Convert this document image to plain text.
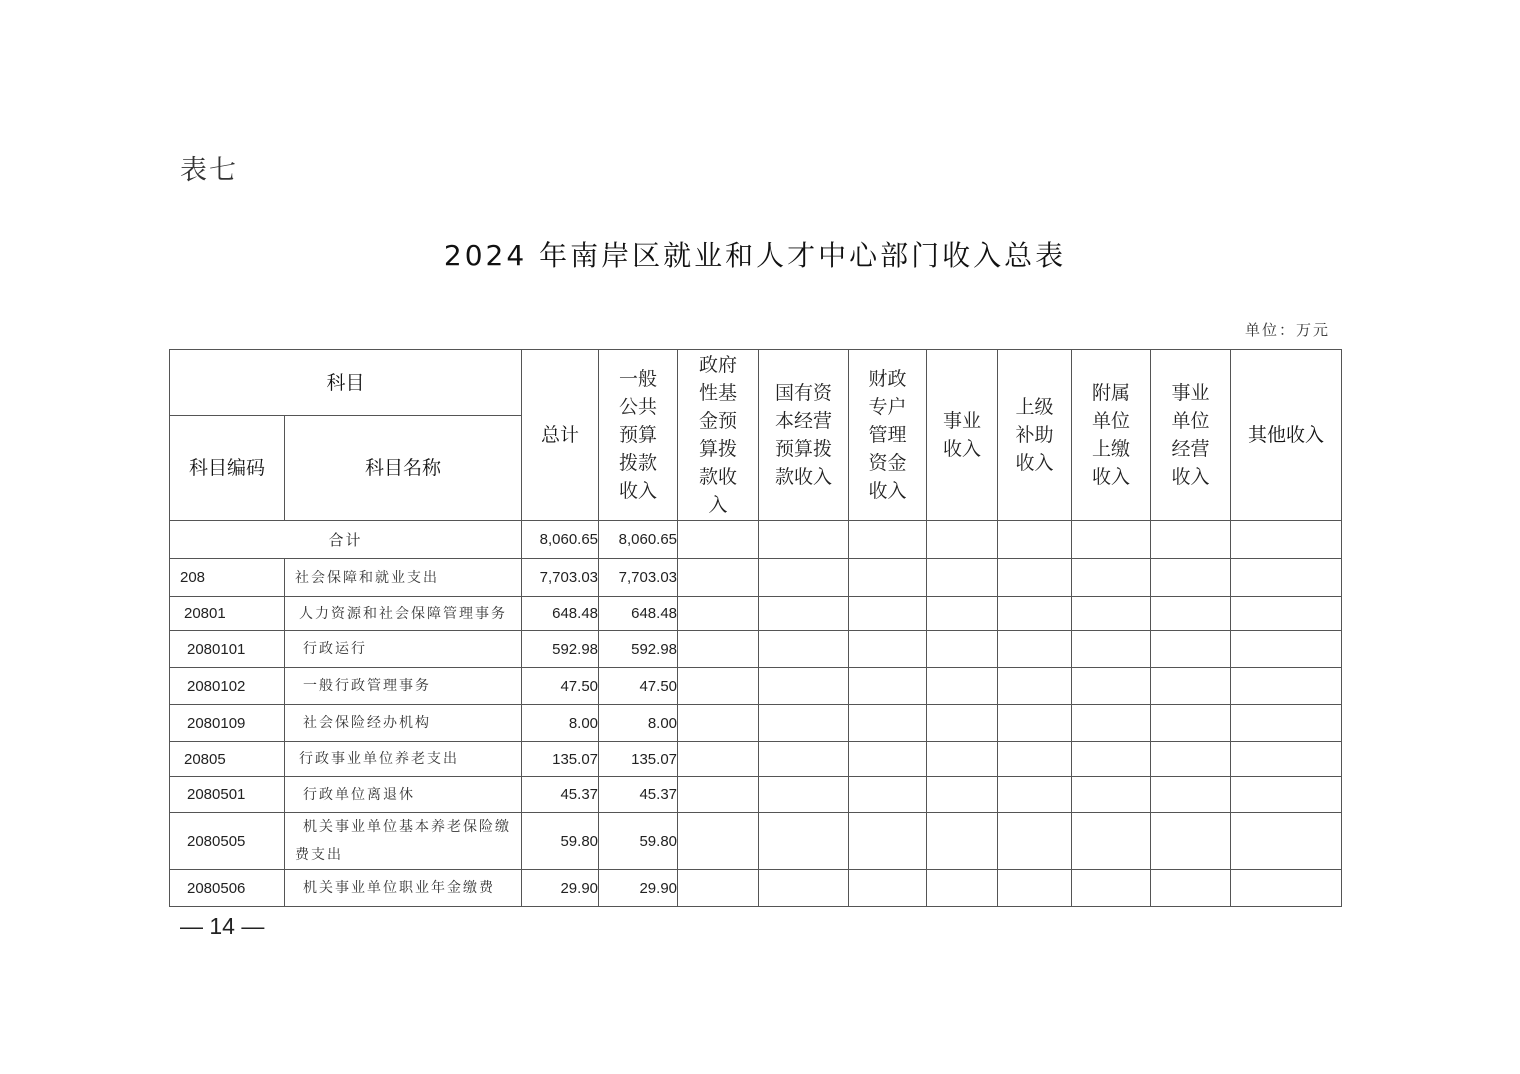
表七
2024 年南岸区就业和人才中心部门收入总表
单位：万元
科目		总计	一般公共预算拨款收入	政府性基金预算拨款收入	国有资本经营预算拨款收入	财政专户管理资金收入	事业收入	上级补助收入	附属单位上缴收入	事业单位经营收入	其他收入
科目编码	科目名称										
合计		8,060.65	8,060.65								
208	社会保障和就业支出	7,703.03	7,703.03								
20801	人力资源和社会保障管理事务	648.48	648.48								
2080101	行政运行	592.98	592.98								
2080102	一般行政管理事务	47.50	47.50								
2080109	社会保险经办机构	8.00	8.00								
20805	行政事业单位养老支出	135.07	135.07								
2080501	行政单位离退休	45.37	45.37								
2080505	机关事业单位基本养老保险缴费支出	59.80	59.80								
2080506	机关事业单位职业年金缴费	29.90	29.90								
— 14 —
